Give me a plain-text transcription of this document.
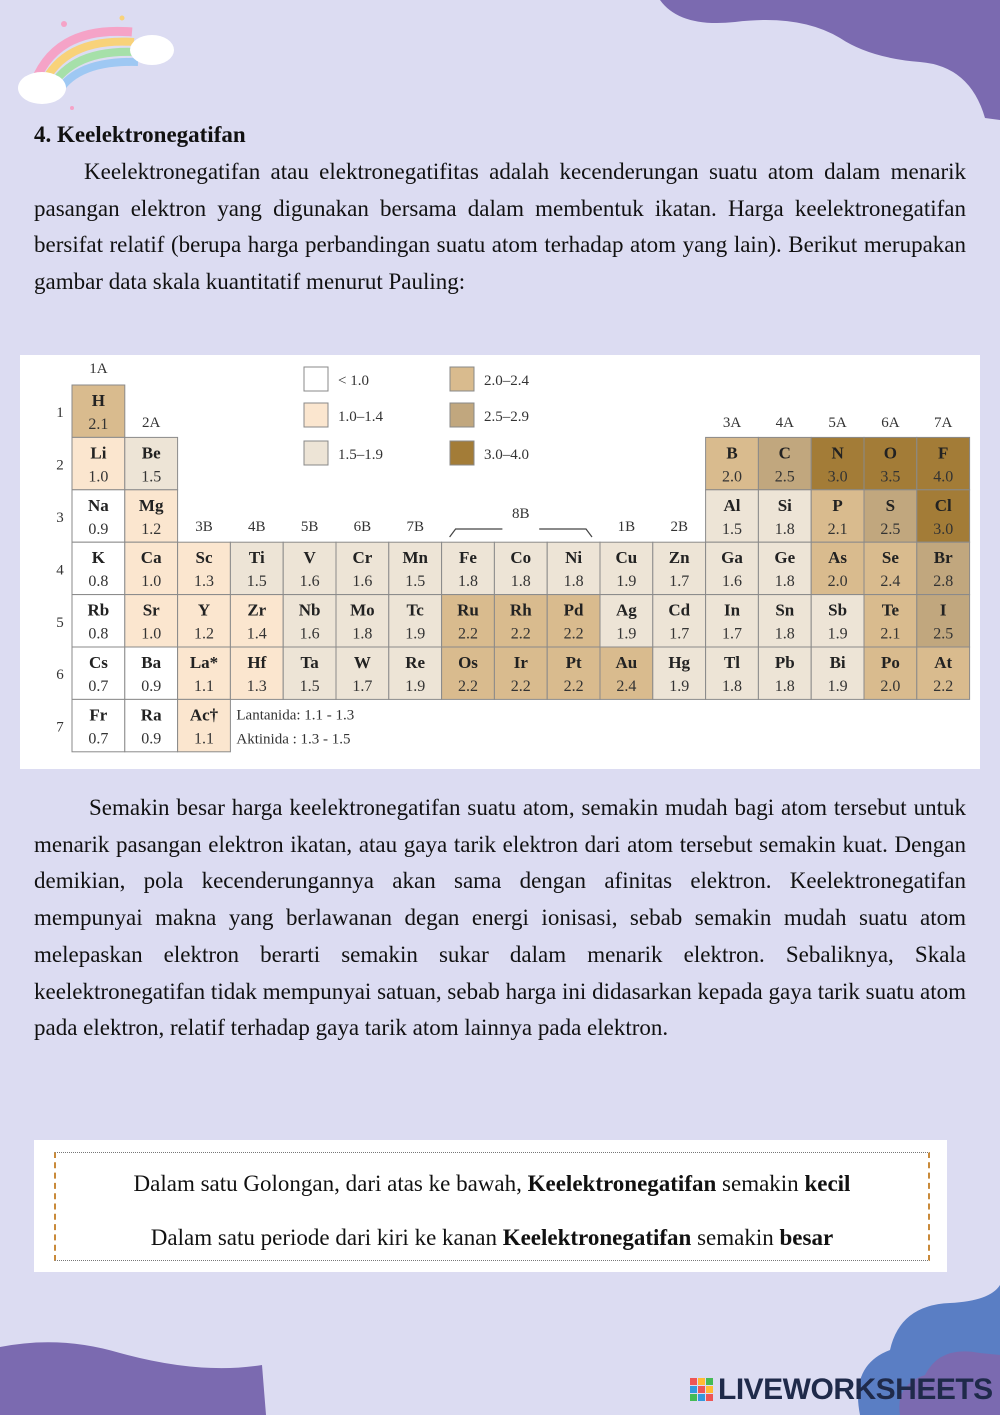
4. Keelektronegatifan

Keelektronegatifan atau elektronegatifitas adalah kecenderungan suatu atom dalam menarik pasangan elektron yang digunakan bersama dalam membentuk ikatan. Harga keelektronegatifan bersifat relatif (berupa harga perbandingan suatu atom terhadap atom yang lain). Berikut merupakan gambar data skala kuantitatif menurut Pauling:

H
2.1
Li
1.0
Be
1.5
B
2.0
C
2.5
N
3.0
O
3.5
F
4.0
Na
0.9
Mg
1.2
Al
1.5
Si
1.8
P
2.1
S
2.5
Cl
3.0
K
0.8
Ca
1.0
Sc
1.3
Ti
1.5
V
1.6
Cr
1.6
Mn
1.5
Fe
1.8
Co
1.8
Ni
1.8
Cu
1.9
Zn
1.7
Ga
1.6
Ge
1.8
As
2.0
Se
2.4
Br
2.8
Rb
0.8
Sr
1.0
Y
1.2
Zr
1.4
Nb
1.6
Mo
1.8
Tc
1.9
Ru
2.2
Rh
2.2
Pd
2.2
Ag
1.9
Cd
1.7
In
1.7
Sn
1.8
Sb
1.9
Te
2.1
I
2.5
Cs
0.7
Ba
0.9
La*
1.1
Hf
1.3
Ta
1.5
W
1.7
Re
1.9
Os
2.2
Ir
2.2
Pt
2.2
Au
2.4
Hg
1.9
Tl
1.8
Pb
1.8
Bi
1.9
Po
2.0
At
2.2
Fr
0.7
Ra
0.9
Ac†
1.1
1A
2A
3B 4B 5B 6B 7B
8B
1B 2B
3A 4A 5A 6A 7A
1
2
3
4
5
6
7
< 1.0
1.0–1.4
1.5–1.9
2.0–2.4
2.5–2.9
3.0–4.0
Lantanida: 1.1 - 1.3
Aktinida : 1.3 - 1.5

Semakin besar harga keelektronegatifan suatu atom, semakin mudah bagi atom tersebut untuk menarik pasangan elektron ikatan, atau gaya tarik elektron dari atom tersebut semakin kuat. Dengan demikian, pola kecenderungannya akan sama dengan afinitas elektron. Keelektronegatifan mempunyai makna yang berlawanan degan energi ionisasi, sebab semakin mudah suatu atom melepaskan elektron berarti semakin sukar dalam menarik elektron. Sebaliknya, Skala keelektronegatifan tidak mempunyai satuan, sebab harga ini didasarkan kepada gaya tarik suatu atom pada elektron, relatif terhadap gaya tarik atom lainnya pada elektron.

Dalam satu Golongan, dari atas ke bawah, Keelektronegatifan semakin kecil
Dalam satu periode dari kiri ke kanan Keelektronegatifan semakin besar
LIVEWORKSHEETS
